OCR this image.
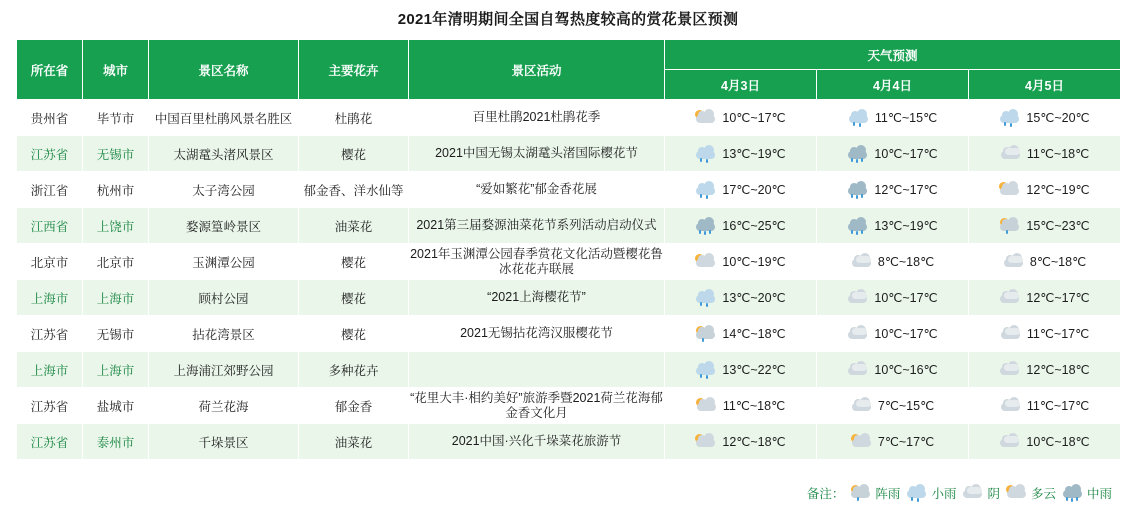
2021年清明期间全国自驾热度较高的赏花景区预测
所在省	城市	景区名称	主要花卉	景区活动	天气预测		
					4月3日	4月4日	4月5日
贵州省	毕节市	中国百里杜鹃风景名胜区	杜鹃花	百里杜鹃2021杜鹃花季	10℃~17℃	11℃~15℃	15℃~20℃

江苏省	无锡市	太湖鼋头渚风景区	樱花	2021中国无锡太湖鼋头渚国际樱花节	13℃~19℃	10℃~17℃	11℃~18℃

浙江省	杭州市	太子湾公园	郁金香、洋水仙等	“爱如繁花”郁金香花展	17℃~20℃	12℃~17℃	12℃~19℃

江西省	上饶市	婺源篁岭景区	油菜花	2021第三届婺源油菜花节系列活动启动仪式	16℃~25℃	13℃~19℃	15℃~23℃

北京市	北京市	玉渊潭公园	樱花	2021年玉渊潭公园春季赏花文化活动暨樱花鲁冰花花卉联展	10℃~19℃	8℃~18℃	8℃~18℃

上海市	上海市	顾村公园	樱花	“2021上海樱花节”	13℃~20℃	10℃~17℃	12℃~17℃

江苏省	无锡市	拈花湾景区	樱花	2021无锡拈花湾汉服樱花节	14℃~18℃	10℃~17℃	11℃~17℃

上海市	上海市	上海浦江郊野公园	多种花卉		13℃~22℃	10℃~16℃	12℃~18℃

江苏省	盐城市	荷兰花海	郁金香	“花里大丰·相约美好”旅游季暨2021荷兰花海郁金香文化月	11℃~18℃	7℃~15℃	11℃~17℃

江苏省	泰州市	千垛景区	油菜花	2021中国·兴化千垛菜花旅游节	12℃~18℃	7℃~17℃	10℃~18℃
备注： 阵雨 小雨 阴 多云 中雨
